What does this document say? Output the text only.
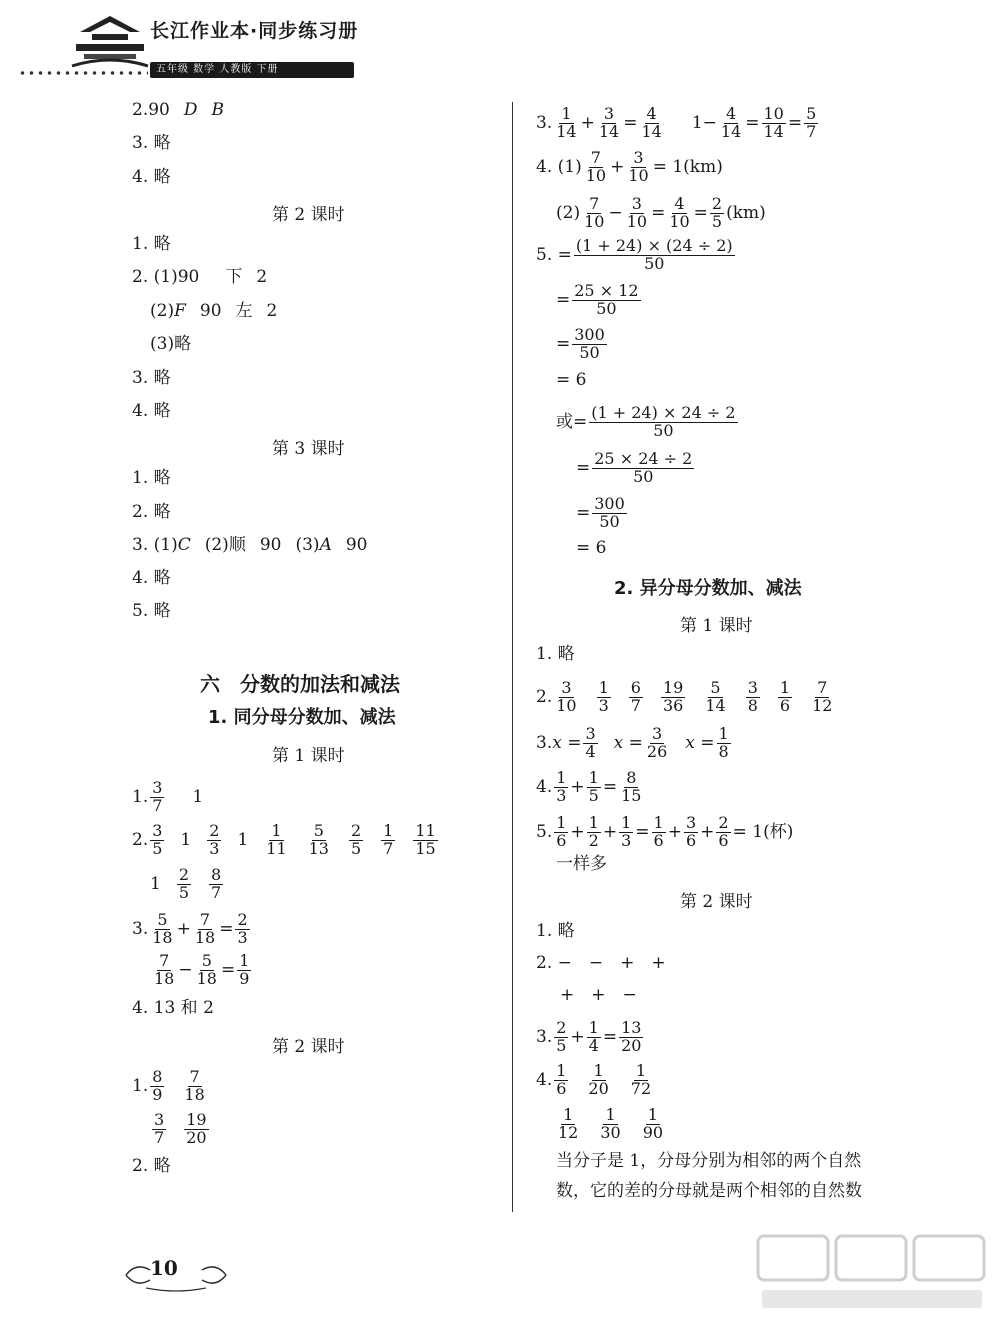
长江作业本·同步练习册
五年级 数学 人教版 下册
2.90 D B
3. 略
4. 略
第 2 课时
1. 略
2. (1)90 下 2
(2) F 90 左 2
(3)略
3. 略
4. 略
第 3 课时
1. 略
2. 略
3. (1) C (2)顺 90 (3) A 90
4. 略
5. 略
六　分数的加法和减法
1. 同分母分数加、减法
第 1 课时
1. $\frac{3}{7} 1$
2. $\frac{3}{5} 1 \frac{2}{3} 1 \frac{1}{11} \frac{5}{13} \frac{2}{5} \frac{1}{7} \frac{11}{15}$
$1 \frac{2}{5} \frac{8}{7}$
3. $\frac{5}{18} + \frac{7}{18} = \frac{2}{3}$
$\frac{7}{18} - \frac{5}{18} = \frac{1}{9}$
4. 13 和 2
第 2 课时
1. $\frac{8}{9} \frac{7}{18}$
$\frac{3}{7} \frac{19}{20}$
2. 略
3. $\frac{1}{14} + \frac{3}{14} = \frac{4}{14} 1 - \frac{4}{14} = \frac{10}{14} = \frac{5}{7}$
4. $(1) \frac{7}{10} + \frac{3}{10} = 1(km)$
$(2) \frac{7}{10} - \frac{3}{10} = \frac{4}{10} = \frac{2}{5} (km)$
5. = $\frac{(1 + 24) \times (24 \div 2)}{50}$
= $\frac{25 \times 12}{50}$
= $\frac{300}{50}$
= 6
或= $\frac{(1 + 24) \times 24 \div 2}{50}$
= $\frac{25 \times 24 \div 2}{50}$
= $\frac{300}{50}$
= 6
2. 异分母分数加、减法
第 1 课时
1. 略
2. $\frac{3}{10} \frac{1}{3} \frac{6}{7} \frac{19}{36} \frac{5}{14} \frac{3}{8} \frac{1}{6} \frac{7}{12}$
3. $x = \frac{3}{4}$ $x = \frac{3}{26}$ $x = \frac{1}{8}$
4. $\frac{1}{3} + \frac{1}{5} = \frac{8}{15}$
5. $\frac{1}{6} + \frac{1}{2} + \frac{1}{3} = \frac{1}{6} + \frac{3}{6} + \frac{2}{6} = 1$(杯)
一样多
第 2 课时
1. 略
2. −　−　+　+
+　+　−
3. $\frac{2}{5} + \frac{1}{4} = \frac{13}{20}$
4. $\frac{1}{6} \frac{1}{20} \frac{1}{72}$
$\frac{1}{12} \frac{1}{30} \frac{1}{90}$
当分子是 1，分母分别为相邻的两个自然
数，它的差的分母就是两个相邻的自然数
10
